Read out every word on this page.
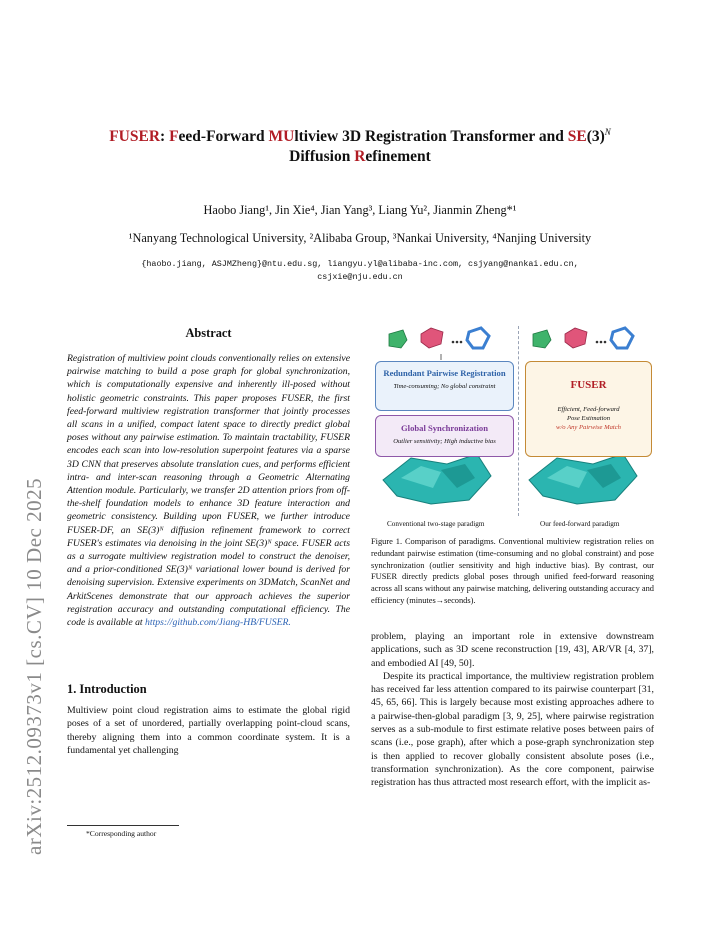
arXiv:2512.09373v1 [cs.CV] 10 Dec 2025
FUSER: Feed-Forward MUltiview 3D Registration Transformer and $SE(3)^N$
Diffusion Refinement
Haobo Jiang¹, Jin Xie⁴, Jian Yang³, Liang Yu², Jianmin Zheng*¹
¹Nanyang Technological University, ²Alibaba Group, ³Nankai University, ⁴Nanjing University
{haobo.jiang, ASJMZheng}@ntu.edu.sg, liangyu.yl@alibaba-inc.com, csjyang@nankai.edu.cn,
csjxie@nju.edu.cn
Abstract
Registration of multiview point clouds conventionally relies on extensive pairwise matching to build a pose graph for global synchronization, which is computationally expensive and inherently ill-posed without holistic geometric constraints. This paper proposes FUSER, the first feed-forward multiview registration transformer that jointly processes all scans in a unified, compact latent space to directly predict global poses without any pairwise estimation. To maintain tractability, FUSER encodes each scan into low-resolution superpoint features via a sparse 3D CNN that preserves absolute translation cues, and performs efficient intra- and inter-scan reasoning through a Geometric Alternating Attention module. Particularly, we transfer 2D attention priors from off-the-shelf foundation models to enhance 3D feature interaction and geometric consistency. Building upon FUSER, we further introduce FUSER-DF, an SE(3)ᴺ diffusion refinement framework to correct FUSER's estimates via denoising in the joint SE(3)ᴺ space. FUSER acts as a surrogate multiview registration model to construct the denoiser, and a prior-conditioned SE(3)ᴺ variational lower bound is derived for denoising supervision. Extensive experiments on 3DMatch, ScanNet and ArkitScenes demonstrate that our approach achieves the superior registration accuracy and outstanding computational efficiency. The code is available at https://github.com/Jiang-HB/FUSER.
1. Introduction
Multiview point cloud registration aims to estimate the global rigid poses of a set of unordered, partially overlapping point-cloud scans, thereby aligning them into a common coordinate system. It is a fundamental yet challenging
*Corresponding author
Redundant Pairwise Registration
Time-consuming; No global constraint
Global Synchronization
Outlier sensitivity; High inductive bias
FUSER
Efficient, Feed-forward
Pose Estimation
w/o Any Pairwise Match
Conventional two-stage paradigm	Our feed-forward paradigm
Figure 1. Comparison of paradigms. Conventional multiview registration relies on redundant pairwise estimation (time-consuming and no global constraint) and pose synchronization (outlier sensitivity and high inductive bias). By contrast, our FUSER directly predicts global poses through unified feed-forward reasoning across all scans without any pairwise matching, delivering outstanding accuracy and efficiency (minutes→seconds).
problem, playing an important role in extensive downstream applications, such as 3D scene reconstruction [19, 43], AR/VR [4, 37], and embodied AI [49, 50].
Despite its practical importance, the multiview registration problem has received far less attention compared to its pairwise counterpart [31, 45, 65, 66]. This is largely because most existing approaches adhere to a pairwise-then-global paradigm [3, 9, 25], where pairwise registration serves as a sub-module to first estimate relative poses between pairs of scans (i.e., pose graph), after which a pose-graph synchronization step is then applied to recover globally consistent absolute poses (i.e., transformation synchronization). As the core component, pairwise registration has thus attracted most research effort, with the implicit as-
